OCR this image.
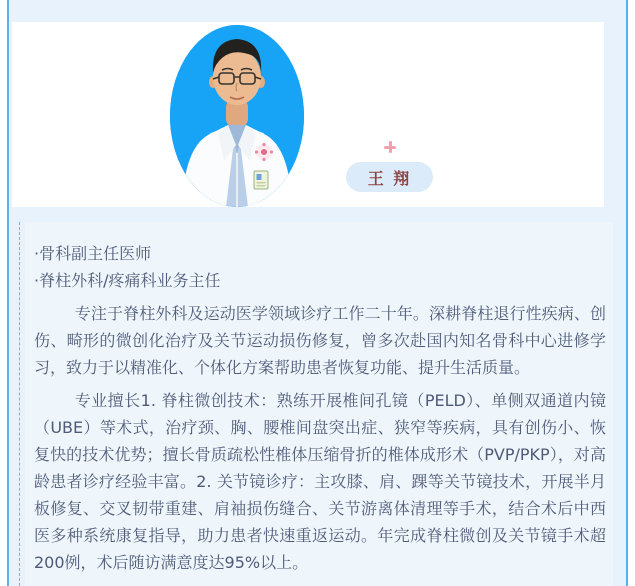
王 翔

·骨科副主任医师

·脊柱外科/疼痛科业务主任

专注于脊柱外科及运动医学领域诊疗工作二十年。深耕脊柱退行性疾病、创伤、畸形的微创化治疗及关节运动损伤修复，曾多次赴国内知名骨科中心进修学习，致力于以精准化、个体化方案帮助患者恢复功能、提升生活质量。

专业擅长1. 脊柱微创技术：熟练开展椎间孔镜（PELD）、单侧双通道内镜（UBE）等术式，治疗颈、胸、腰椎间盘突出症、狭窄等疾病，具有创伤小、恢复快的技术优势；擅长骨质疏松性椎体压缩骨折的椎体成形术（PVP/PKP），对高龄患者诊疗经验丰富。2. 关节镜诊疗：主攻膝、肩、踝等关节镜技术，开展半月板修复、交叉韧带重建、肩袖损伤缝合、关节游离体清理等手术，结合术后中西医多种系统康复指导，助力患者快速重返运动。年完成脊柱微创及关节镜手术超200例，术后随访满意度达95%以上。
